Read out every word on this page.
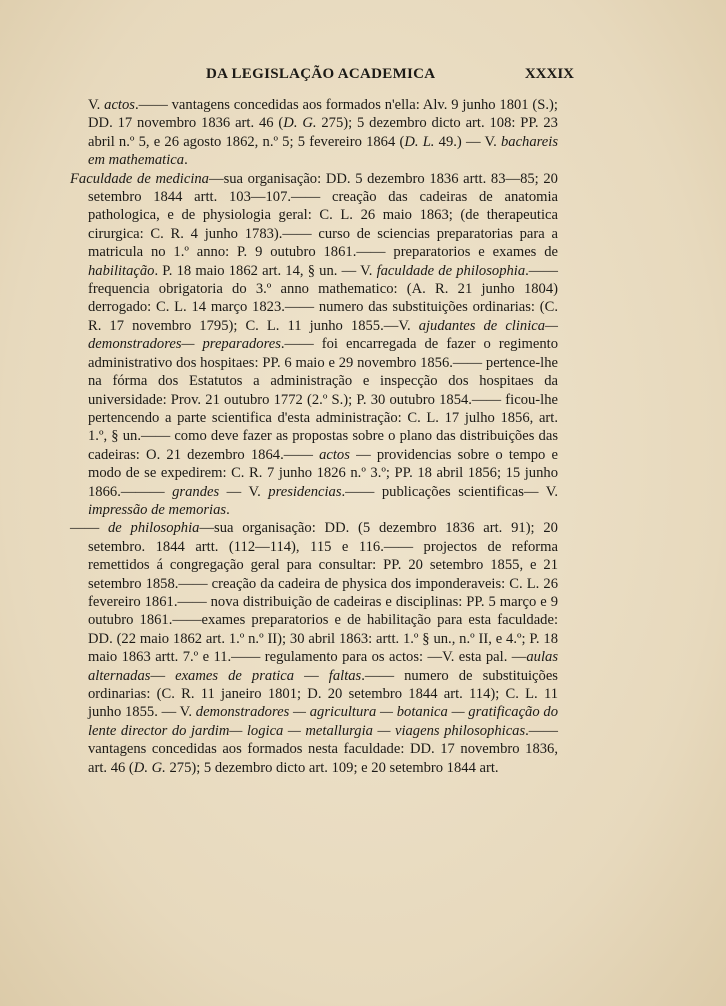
DA LEGISLAÇÃO ACADEMICA	XXXIX

V. actos.—— vantagens concedidas aos formados n'ella: Alv. 9 junho 1801 (S.); DD. 17 novembro 1836 art. 46 (D. G. 275); 5 dezembro dicto art. 108: PP. 23 abril n.º 5, e 26 agosto 1862, n.º 5; 5 fevereiro 1864 (D. L. 49.) — V. bachareis em mathematica.

Faculdade de medicina—sua organisação: DD. 5 dezembro 1836 artt. 83—85; 20 setembro 1844 artt. 103—107.—— creação das cadeiras de anatomia pathologica, e de physiologia geral: C. L. 26 maio 1863; (de therapeutica cirurgica: C. R. 4 junho 1783).—— curso de sciencias preparatorias para a matricula no 1.º anno: P. 9 outubro 1861.—— preparatorios e exames de habilitação. P. 18 maio 1862 art. 14, § un. — V. faculdade de philosophia.—— frequencia obrigatoria do 3.º anno mathematico: (A. R. 21 junho 1804) derrogado: C. L. 14 março 1823.—— numero das substituições ordinarias: (C. R. 17 novembro 1795); C. L. 11 junho 1855.—V. ajudantes de clinica—demonstradores— preparadores.—— foi encarregada de fazer o regimento administrativo dos hospitaes: PP. 6 maio e 29 novembro 1856.—— pertence-lhe na fórma dos Estatutos a administração e inspecção dos hospitaes da universidade: Prov. 21 outubro 1772 (2.º S.); P. 30 outubro 1854.—— ficou-lhe pertencendo a parte scientifica d'esta administração: C. L. 17 julho 1856, art. 1.º, § un.—— como deve fazer as propostas sobre o plano das distribuições das cadeiras: O. 21 dezembro 1864.—— actos — providencias sobre o tempo e modo de se expedirem: C. R. 7 junho 1826 n.º 3.º; PP. 18 abril 1856; 15 junho 1866.——— grandes — V. presidencias.—— publicações scientificas— V. impressão de memorias.

—— de philosophia—sua organisação: DD. (5 dezembro 1836 art. 91); 20 setembro. 1844 artt. (112—114), 115 e 116.—— projectos de reforma remettidos á congregação geral para consultar: PP. 20 setembro 1855, e 21 setembro 1858.—— creação da cadeira de physica dos imponderaveis: C. L. 26 fevereiro 1861.—— nova distribuição de cadeiras e disciplinas: PP. 5 março e 9 outubro 1861.——exames preparatorios e de habilitação para esta faculdade: DD. (22 maio 1862 art. 1.º n.º II); 30 abril 1863: artt. 1.º § un., n.º II, e 4.º; P. 18 maio 1863 artt. 7.º e 11.—— regulamento para os actos: —V. esta pal. —aulas alternadas— exames de pratica — faltas.—— numero de substituições ordinarias: (C. R. 11 janeiro 1801; D. 20 setembro 1844 art. 114); C. L. 11 junho 1855. — V. demonstradores — agricultura — botanica — gratificação do lente director do jardim— logica — metallurgia — viagens philosophicas.—— vantagens concedidas aos formados nesta faculdade: DD. 17 novembro 1836, art. 46 (D. G. 275); 5 dezembro dicto art. 109; e 20 setembro 1844 art.
